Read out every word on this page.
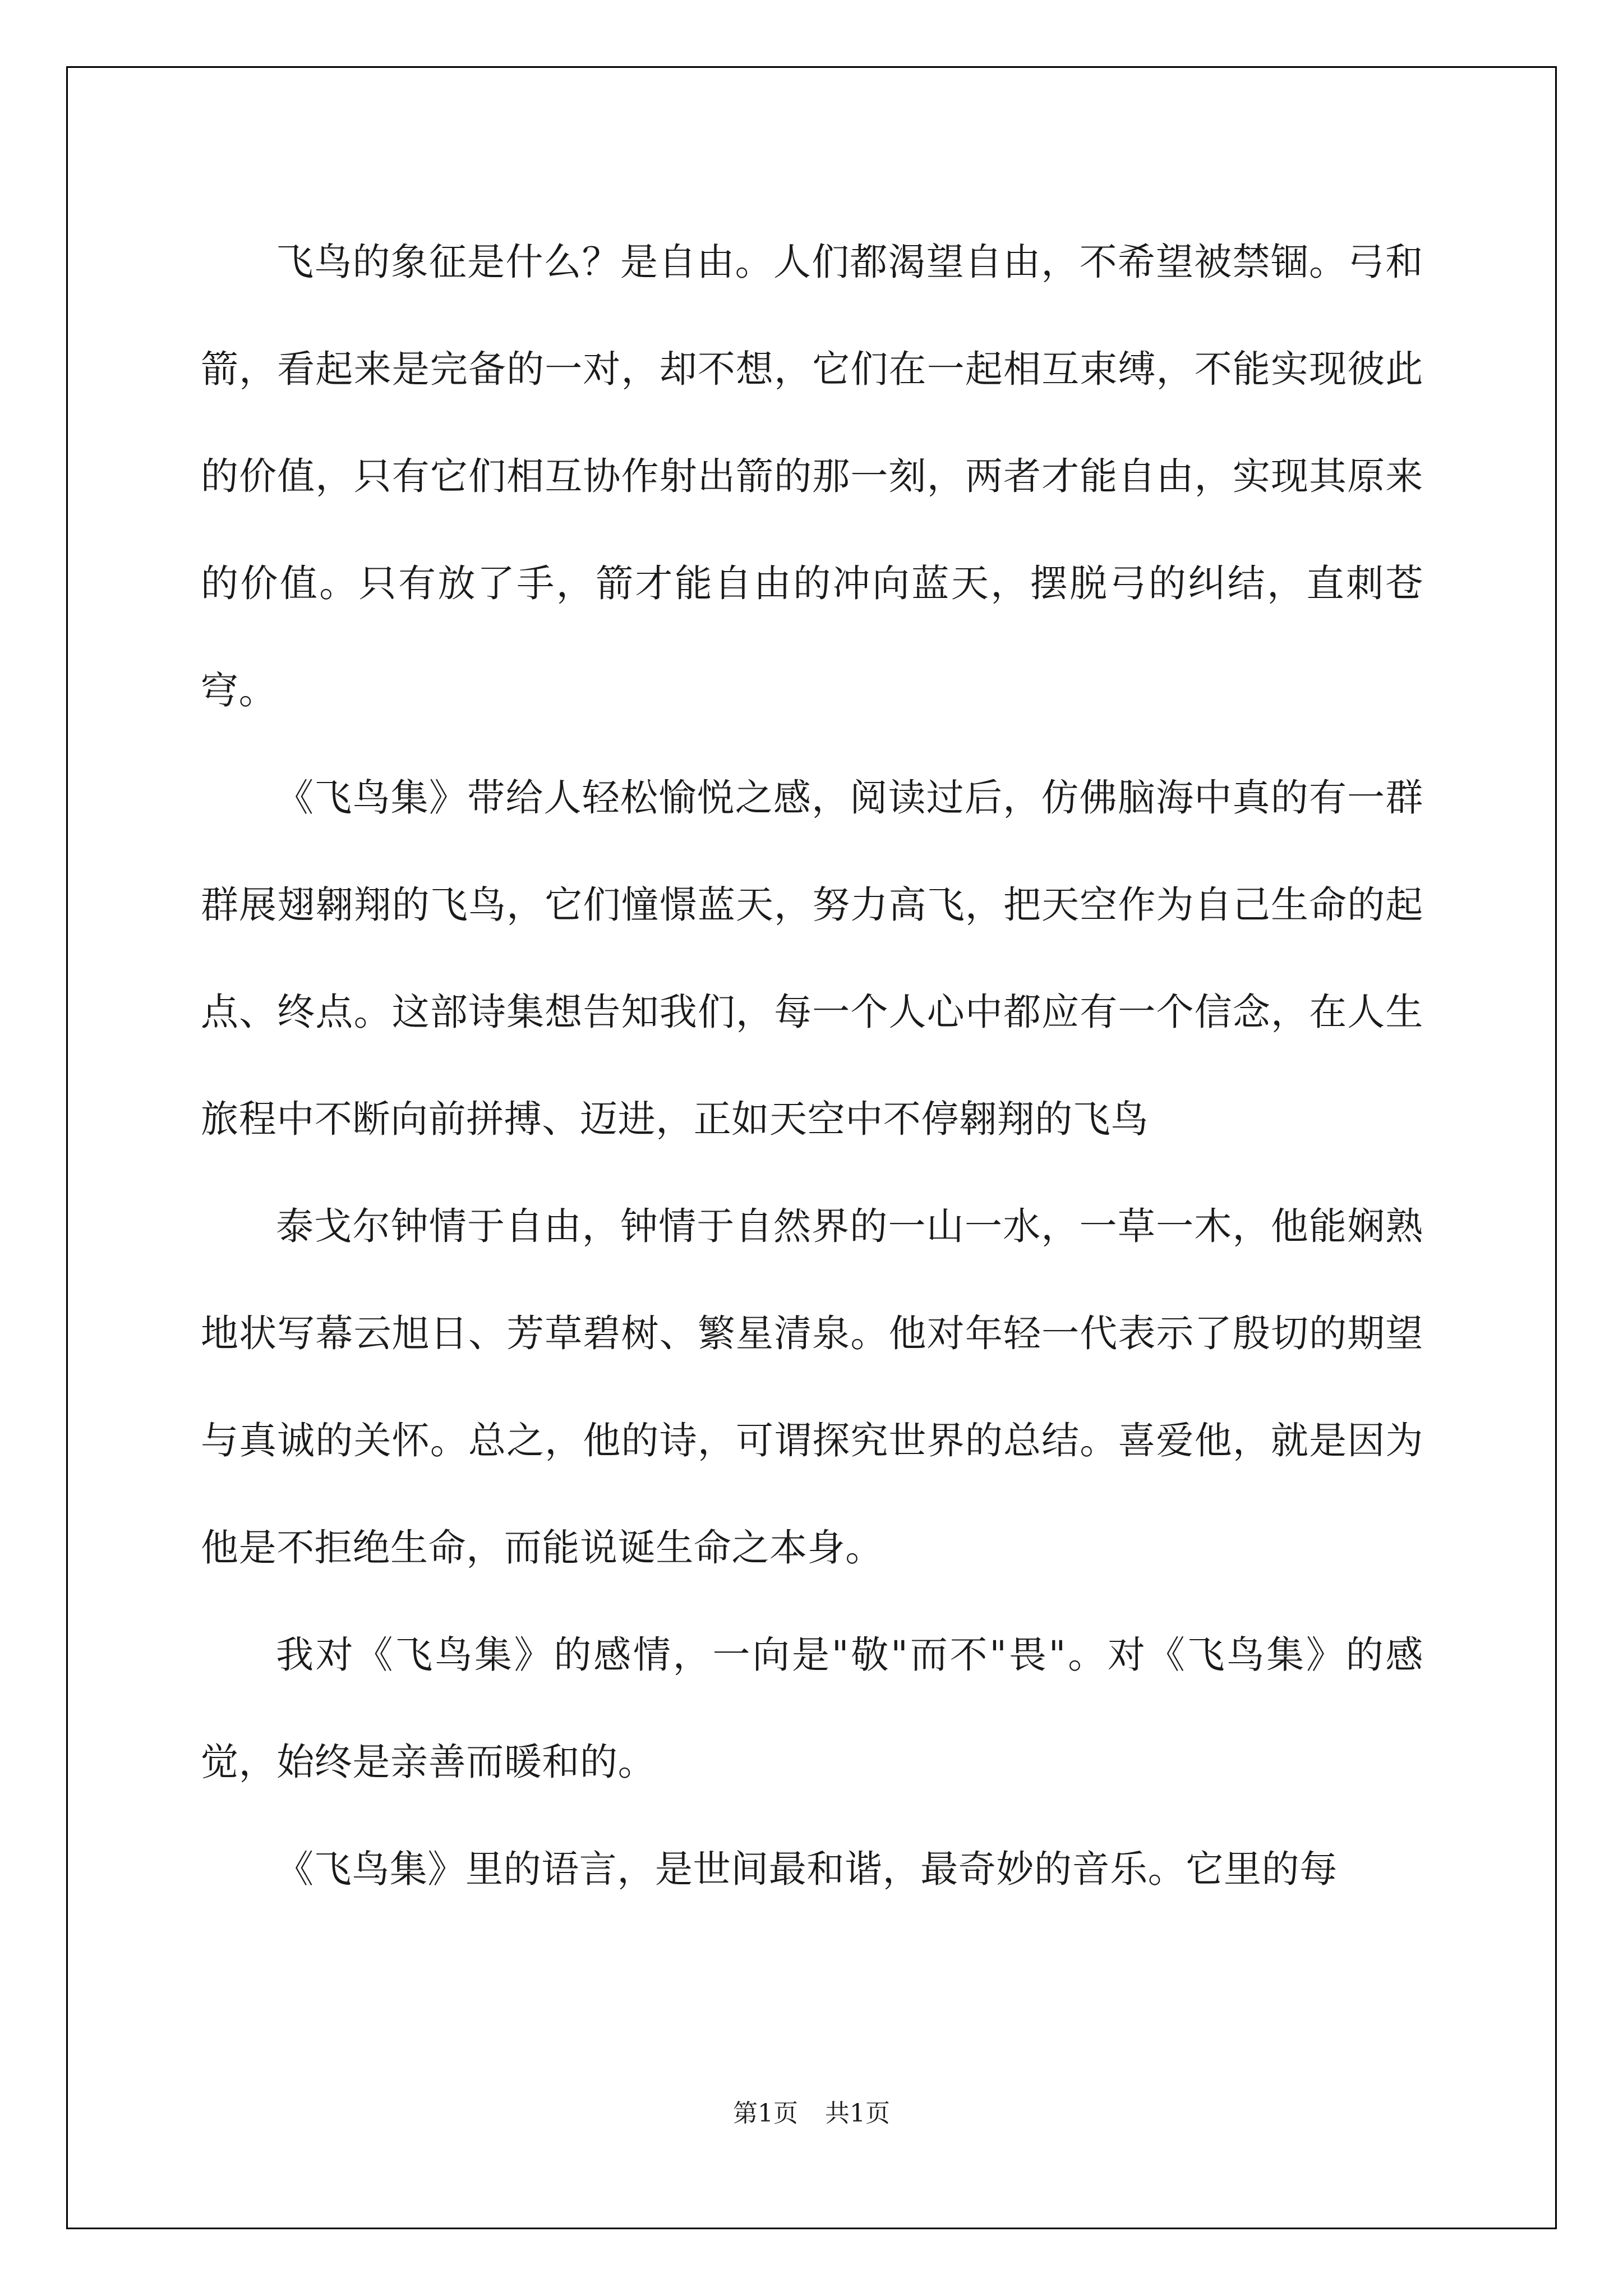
飞鸟的象征是什么？是自由。人们都渴望自由，不希望被禁锢。弓和箭，看起来是完备的一对，却不想，它们在一起相互束缚，不能实现彼此的价值，只有它们相互协作射出箭的那一刻，两者才能自由，实现其原来的价值。只有放了手，箭才能自由的冲向蓝天，摆脱弓的纠结，直刺苍穹。

《飞鸟集》带给人轻松愉悦之感，阅读过后，仿佛脑海中真的有一群群展翅翱翔的飞鸟，它们憧憬蓝天，努力高飞，把天空作为自己生命的起点、终点。这部诗集想告知我们，每一个人心中都应有一个信念，在人生旅程中不断向前拼搏、迈进，正如天空中不停翱翔的飞鸟

泰戈尔钟情于自由，钟情于自然界的一山一水，一草一木，他能娴熟地状写幕云旭日、芳草碧树、繁星清泉。他对年轻一代表示了殷切的期望与真诚的关怀。总之，他的诗，可谓探究世界的总结。喜爱他，就是因为他是不拒绝生命，而能说诞生命之本身。

我对《飞鸟集》的感情，一向是"敬"而不"畏"。对《飞鸟集》的感觉，始终是亲善而暖和的。

《飞鸟集》里的语言，是世间最和谐，最奇妙的音乐。它里的每

第1页 共1页
